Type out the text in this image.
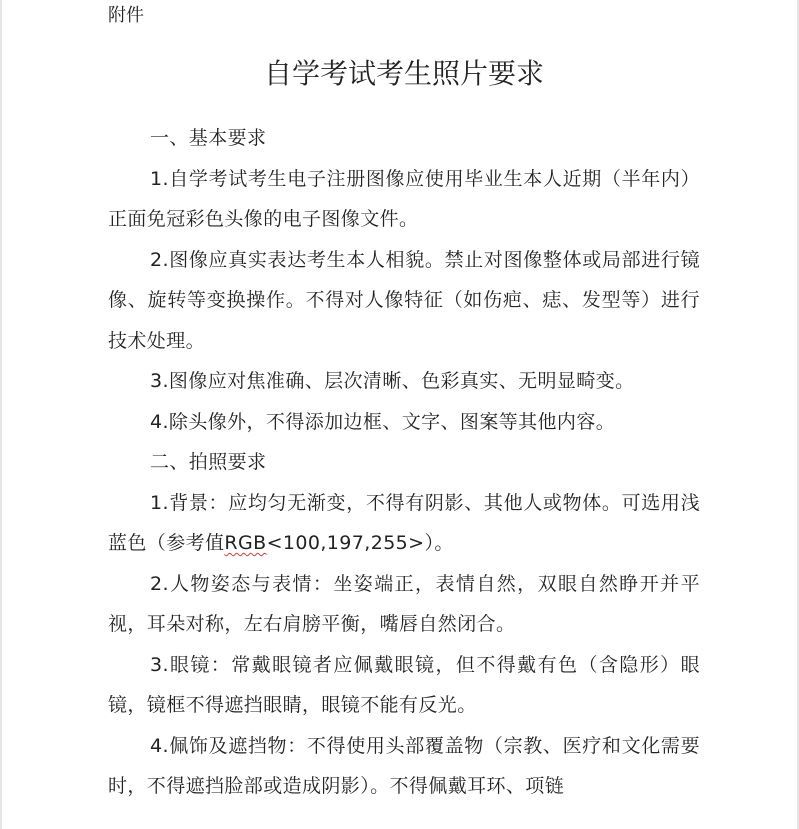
附件
自学考试考生照片要求

一、基本要求

1.自学考试考生电子注册图像应使用毕业生本人近期（半年内）正面免冠彩色头像的电子图像文件。

2.图像应真实表达考生本人相貌。禁止对图像整体或局部进行镜像、旋转等变换操作。不得对人像特征（如伤疤、痣、发型等）进行技术处理。

3.图像应对焦准确、层次清晰、色彩真实、无明显畸变。

4.除头像外，不得添加边框、文字、图案等其他内容。

二、拍照要求

1.背景：应均匀无渐变，不得有阴影、其他人或物体。可选用浅蓝色（参考值RGB<100,197,255>）。

2.人物姿态与表情：坐姿端正，表情自然，双眼自然睁开并平视，耳朵对称，左右肩膀平衡，嘴唇自然闭合。

3.眼镜：常戴眼镜者应佩戴眼镜，但不得戴有色（含隐形）眼镜，镜框不得遮挡眼睛，眼镜不能有反光。

4.佩饰及遮挡物：不得使用头部覆盖物（宗教、医疗和文化需要时，不得遮挡脸部或造成阴影）。不得佩戴耳环、项链
